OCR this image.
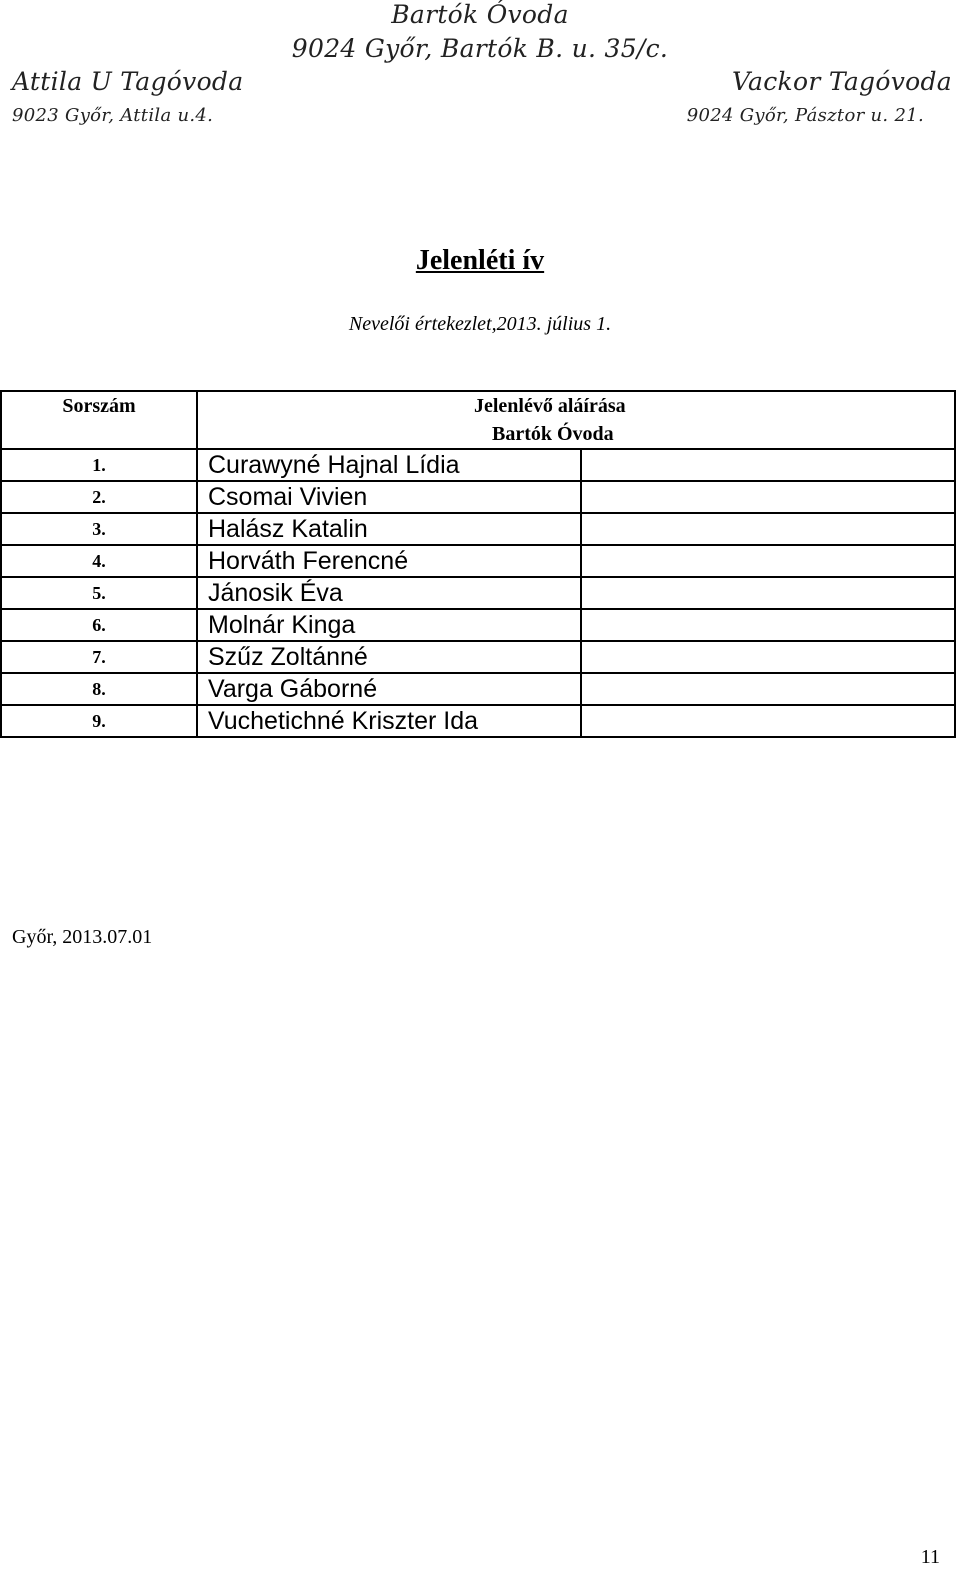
Bartók Óvoda
9024 Győr, Bartók B. u. 35/c.
Attila U Tagóvoda
9023 Győr, Attila u.4.
Vackor Tagóvoda
9024 Győr, Pásztor u. 21.
Jelenléti ív
Nevelői értekezlet,2013. július 1.
Sorszám	Jelenlévő aláírása
Bartók Óvoda	

1.	Curawyné Hajnal Lídia	
2.	Csomai Vivien	
3.	Halász Katalin	
4.	Horváth Ferencné	
5.	Jánosik Éva	
6.	Molnár Kinga	
7.	Szűz Zoltánné	
8.	Varga Gáborné	
9.	Vuchetichné Kriszter Ida	
Győr, 2013.07.01
11
